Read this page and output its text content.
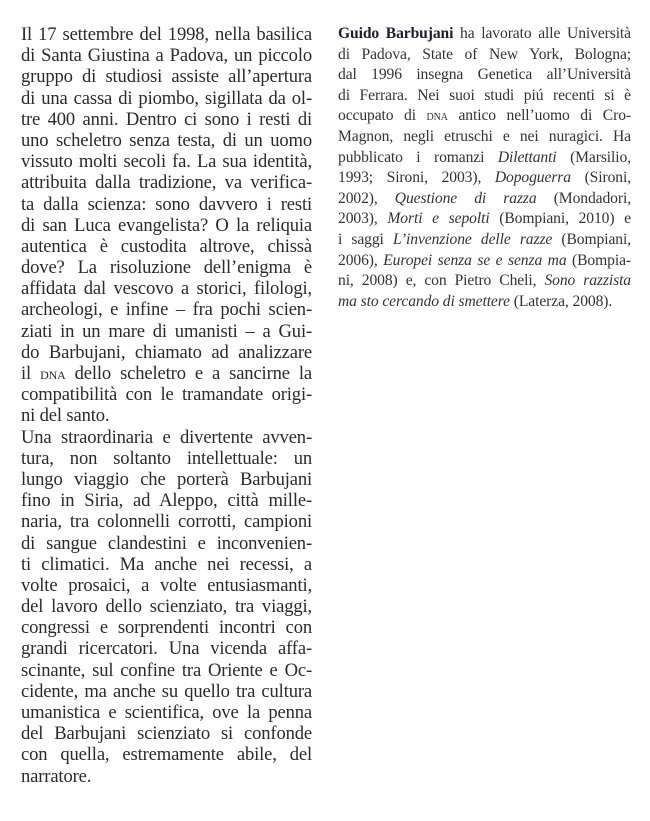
Il 17 settembre del 1998, nella basilica
di Santa Giustina a Padova, un piccolo
gruppo di studiosi assiste all’apertura
di una cassa di piombo, sigillata da ol-
tre 400 anni. Dentro ci sono i resti di
uno scheletro senza testa, di un uomo
vissuto molti secoli fa. La sua identità,
attribuita dalla tradizione, va verifica-
ta dalla scienza: sono davvero i resti
di san Luca evangelista? O la reliquia
autentica è custodita altrove, chissà
dove? La risoluzione dell’enigma è
affidata dal vescovo a storici, filologi,
archeologi, e infine – fra pochi scien-
ziati in un mare di umanisti – a Gui-
do Barbujani, chiamato ad analizzare
il dna dello scheletro e a sancirne la
compatibilità con le tramandate origi-
ni del santo.
Una straordinaria e divertente avven-
tura, non soltanto intellettuale: un
lungo viaggio che porterà Barbujani
fino in Siria, ad Aleppo, città mille-
naria, tra colonnelli corrotti, campioni
di sangue clandestini e inconvenien-
ti climatici. Ma anche nei recessi, a
volte prosaici, a volte entusiasmanti,
del lavoro dello scienziato, tra viaggi,
congressi e sorprendenti incontri con
grandi ricercatori. Una vicenda affa-
scinante, sul confine tra Oriente e Oc-
cidente, ma anche su quello tra cultura
umanistica e scientifica, ove la penna
del Barbujani scienziato si confonde
con quella, estremamente abile, del
narratore.
Guido Barbujani ha lavorato alle Università
di Padova, State of New York, Bologna;
dal 1996 insegna Genetica all’Università
di Ferrara. Nei suoi studi piú recenti si è
occupato di dna antico nell’uomo di Cro-
Magnon, negli etruschi e nei nuragici. Ha
pubblicato i romanzi Dilettanti (Marsilio,
1993; Sironi, 2003), Dopoguerra (Sironi,
2002), Questione di razza (Mondadori,
2003), Morti e sepolti (Bompiani, 2010) e
i saggi L’invenzione delle razze (Bompiani,
2006), Europei senza se e senza ma (Bompia-
ni, 2008) e, con Pietro Cheli, Sono razzista
ma sto cercando di smettere (Laterza, 2008).
